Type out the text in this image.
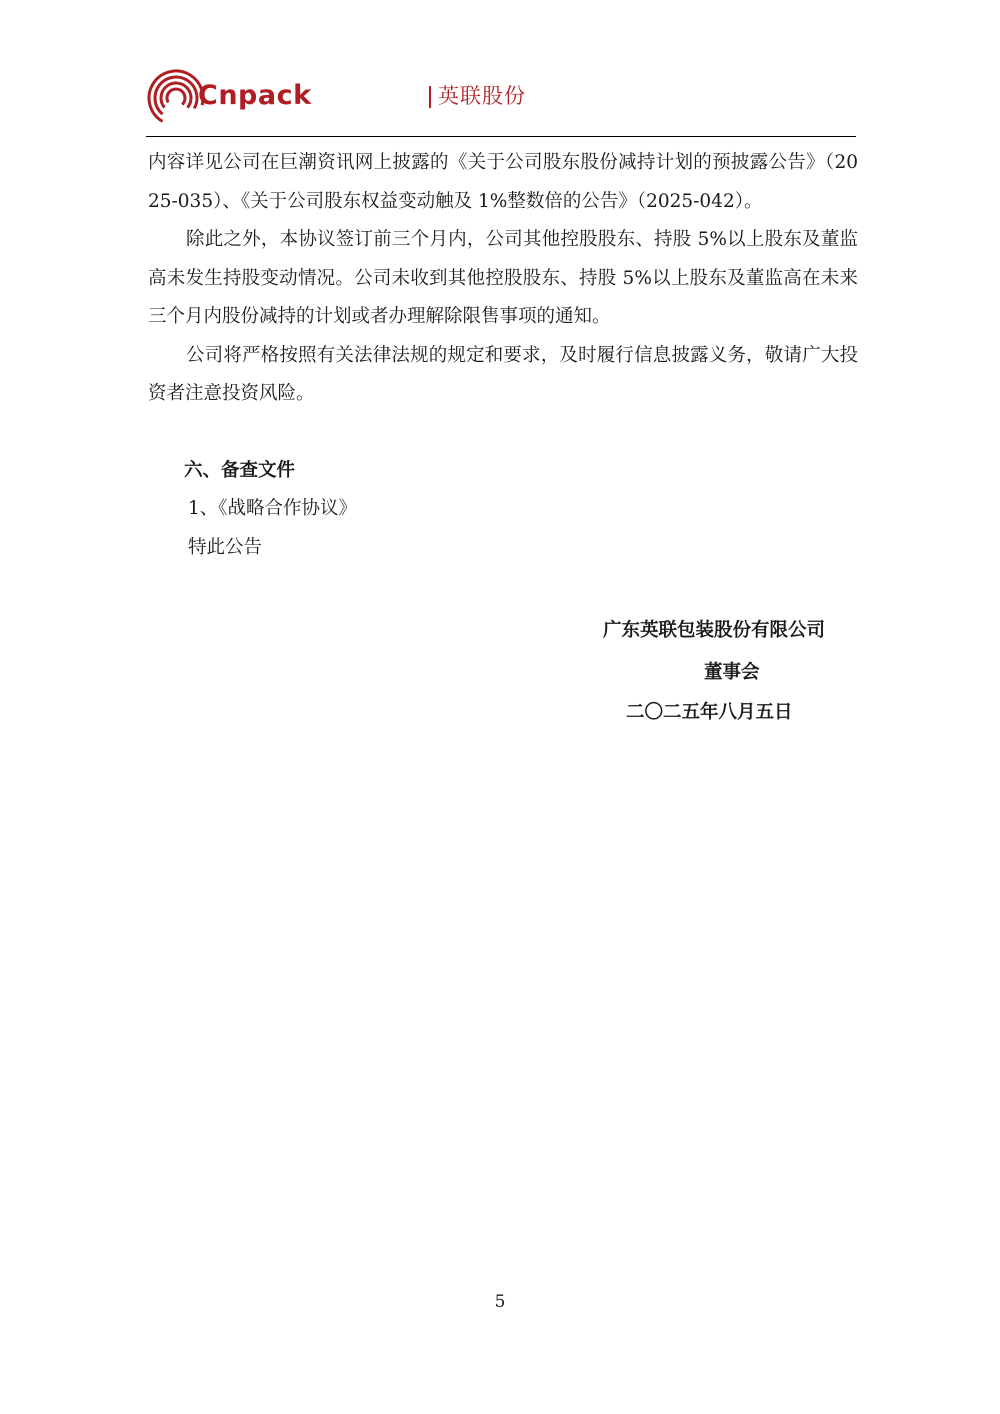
Cnpack	英联股份

内容详见公司在巨潮资讯网上披露的《关于公司股东股份减持计划的预披露公告》（2025-035）、《关于公司股东权益变动触及 1%整数倍的公告》（2025-042）。

除此之外，本协议签订前三个月内，公司其他控股股东、持股 5%以上股东及董监高未发生持股变动情况。公司未收到其他控股股东、持股 5%以上股东及董监高在未来三个月内股份减持的计划或者办理解除限售事项的通知。

公司将严格按照有关法律法规的规定和要求，及时履行信息披露义务，敬请广大投资者注意投资风险。

六、备查文件

1、《战略合作协议》

特此公告

广东英联包装股份有限公司
董事会
二〇二五年八月五日
5
